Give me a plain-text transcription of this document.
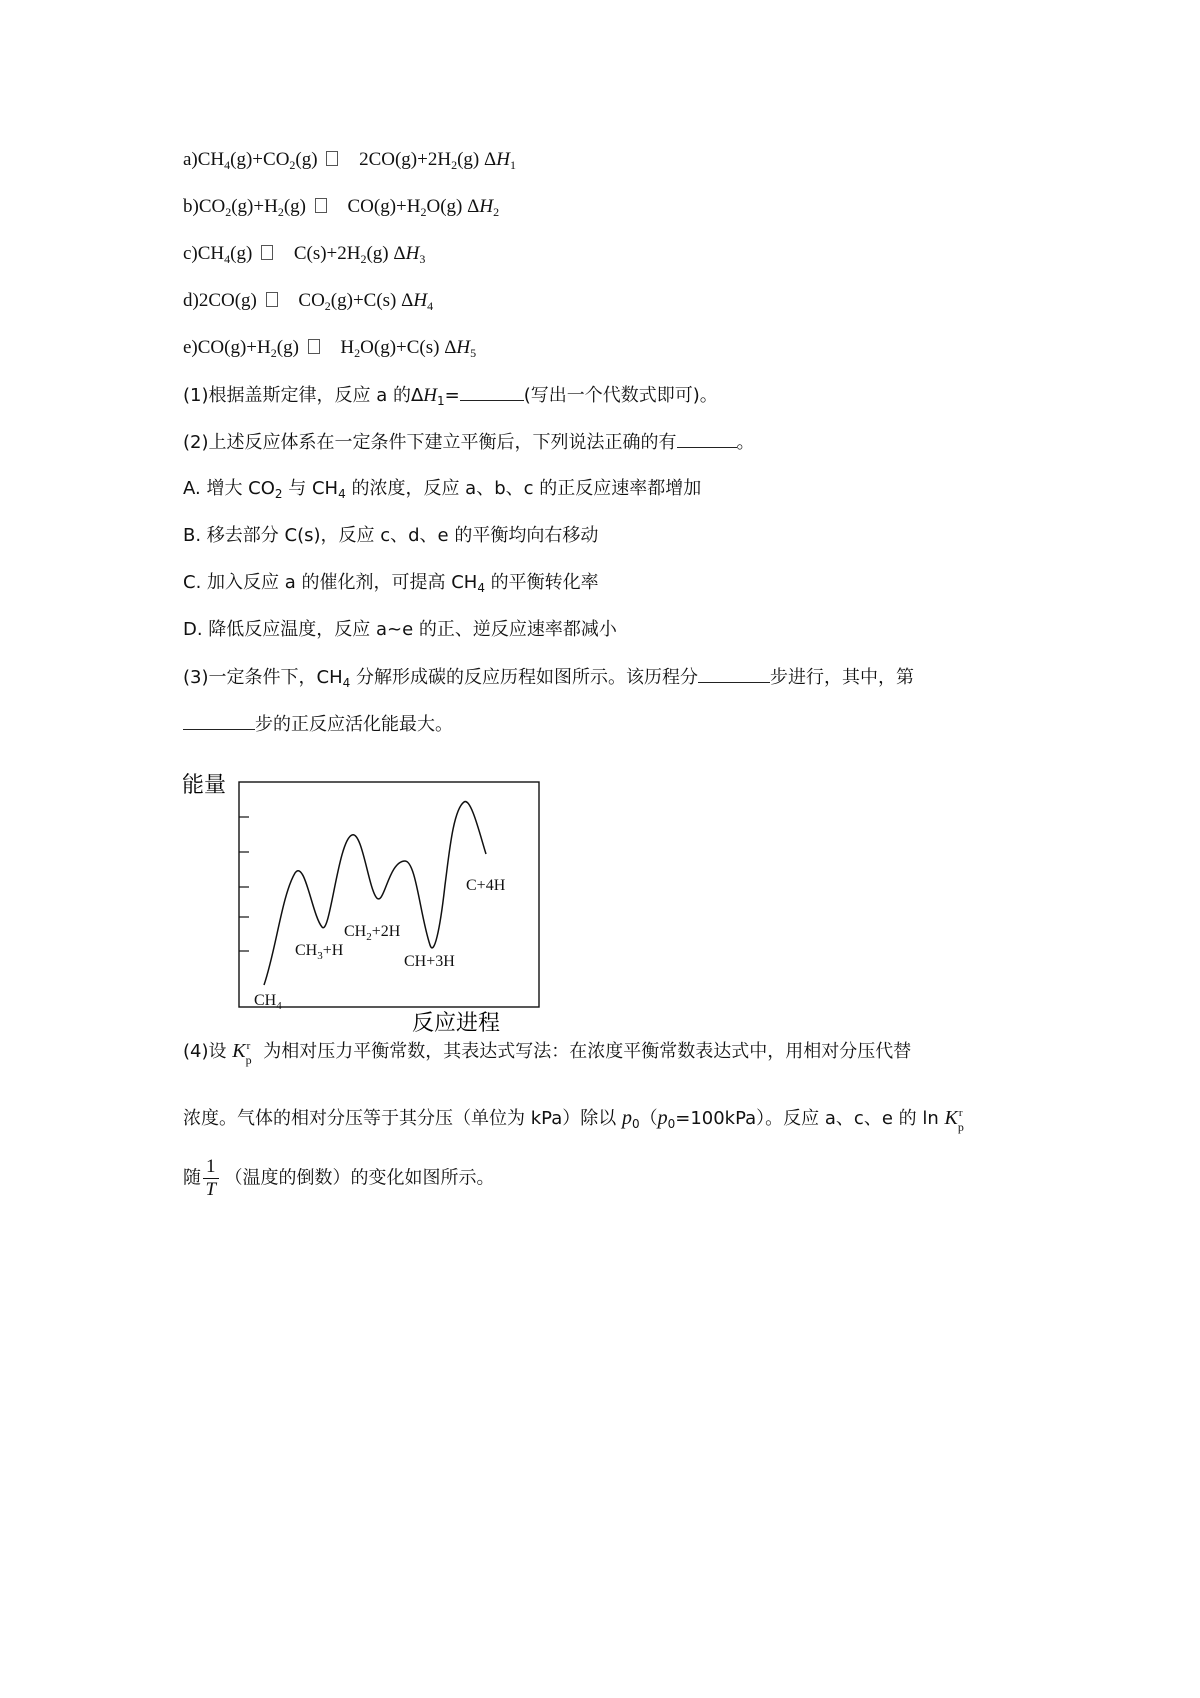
$a)CH_4(g)+CO_2(g)$ $2CO(g)+2H_2(g)$ $\Delta H_1$
$b)CO_2(g)+H_2(g)$ $CO(g)+H_2O(g)$ $\Delta H_2$
$c)CH_4(g)$ $C(s)+2H_2(g)$ $\Delta H_3$
d)2CO(g) $CO_2(g)+C(s)$ $\Delta H_4$
$e)CO(g)+H_2(g)$ $H_2O(g)+C(s)$ $\Delta H_5$
(1)根据盖斯定律，反应 a 的$\Delta H_1=$	(写出一个代数式即可)。
(2)上述反应体系在一定条件下建立平衡后，下列说法正确的有	。
A. 增大 $CO_2$ 与 $CH_4$ 的浓度，反应 a、b、c 的正反应速率都增加
B. 移去部分 C(s)，反应 c、d、e 的平衡均向右移动
C. 加入反应 a 的催化剂，可提高 $CH_4$ 的平衡转化率
D. 降低反应温度，反应 a~e 的正、逆反应速率都减小
(3)一定条件下，$CH_4$ 分解形成碳的反应历程如图所示。该历程分	步进行，其中，第
步的正反应活化能最大。
能量
$CH_4$
$CH_3+H$
$CH_2+2H$
CH+3H
C+4H
反应进程
(4)设 K r
p 为相对压力平衡常数，其表达式写法：在浓度平衡常数表达式中，用相对分压代替
浓度。气体的相对分压等于其分压（单位为 kPa）除以 $p_0(p_0=100kPa)$。反应 a、c、e 的 ln K r
p
随 $\frac{1}{T}$ （温度的倒数）的变化如图所示。
